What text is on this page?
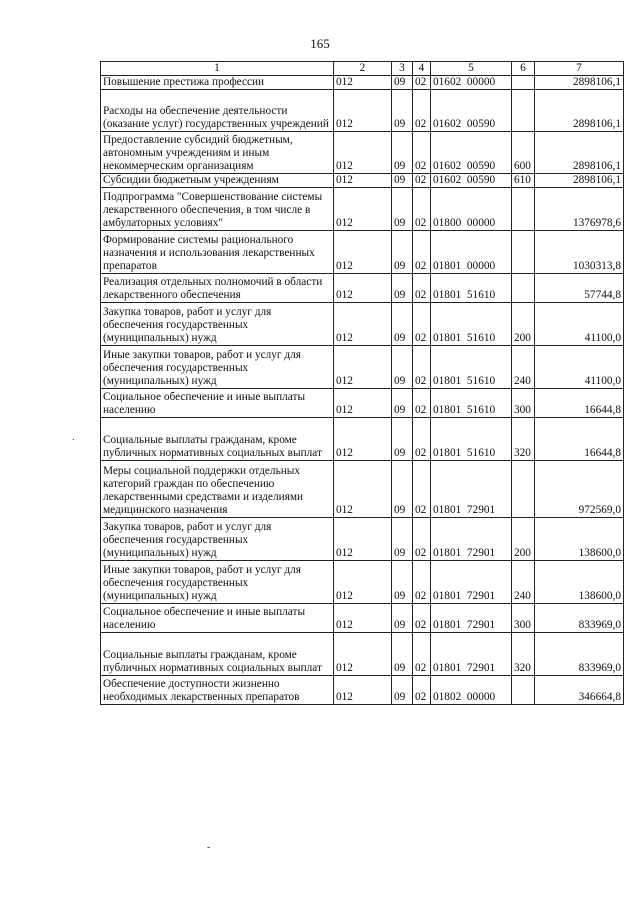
165
1	2	3	4	5	6	7
Повышение престижа профессии	012	09	02	01602  00000		2898106,1
Расходы на обеспечение деятельности (оказание услуг) государственных учреждений	012	09	02	01602  00590		2898106,1
Предоставление субсидий бюджетным, автономным учреждениям и иным некоммерческим организациям	012	09	02	01602  00590	600	2898106,1
Субсидии бюджетным учреждениям	012	09	02	01602  00590	610	2898106,1
Подпрограмма "Совершенствование системы лекарственного обеспечения, в том числе в амбулаторных условиях"	012	09	02	01800  00000		1376978,6
Формирование системы рационального назначения и использования лекарственных препаратов	012	09	02	01801  00000		1030313,8
Реализация отдельных полномочий в области лекарственного обеспечения	012	09	02	01801  51610		57744,8
Закупка товаров, работ и услуг для обеспечения государственных (муниципальных) нужд	012	09	02	01801  51610	200	41100,0
Иные закупки товаров, работ и услуг для обеспечения государственных (муниципальных) нужд	012	09	02	01801  51610	240	41100,0
Социальное обеспечение и иные выплаты населению	012	09	02	01801  51610	300	16644,8
Социальные выплаты гражданам, кроме публичных нормативных социальных выплат	012	09	02	01801  51610	320	16644,8
Меры социальной поддержки отдельных категорий граждан по обеспечению лекарственными средствами и изделиями медицинского назначения	012	09	02	01801  72901		972569,0
Закупка товаров, работ и услуг для обеспечения государственных (муниципальных) нужд	012	09	02	01801  72901	200	138600,0
Иные закупки товаров, работ и услуг для обеспечения государственных (муниципальных) нужд	012	09	02	01801  72901	240	138600,0
Социальное обеспечение и иные выплаты населению	012	09	02	01801  72901	300	833969,0
Социальные выплаты гражданам, кроме публичных нормативных социальных выплат	012	09	02	01801  72901	320	833969,0
Обеспечение доступности жизненно необходимых лекарственных препаратов	012	09	02	01802  00000		346664,8
.
-
